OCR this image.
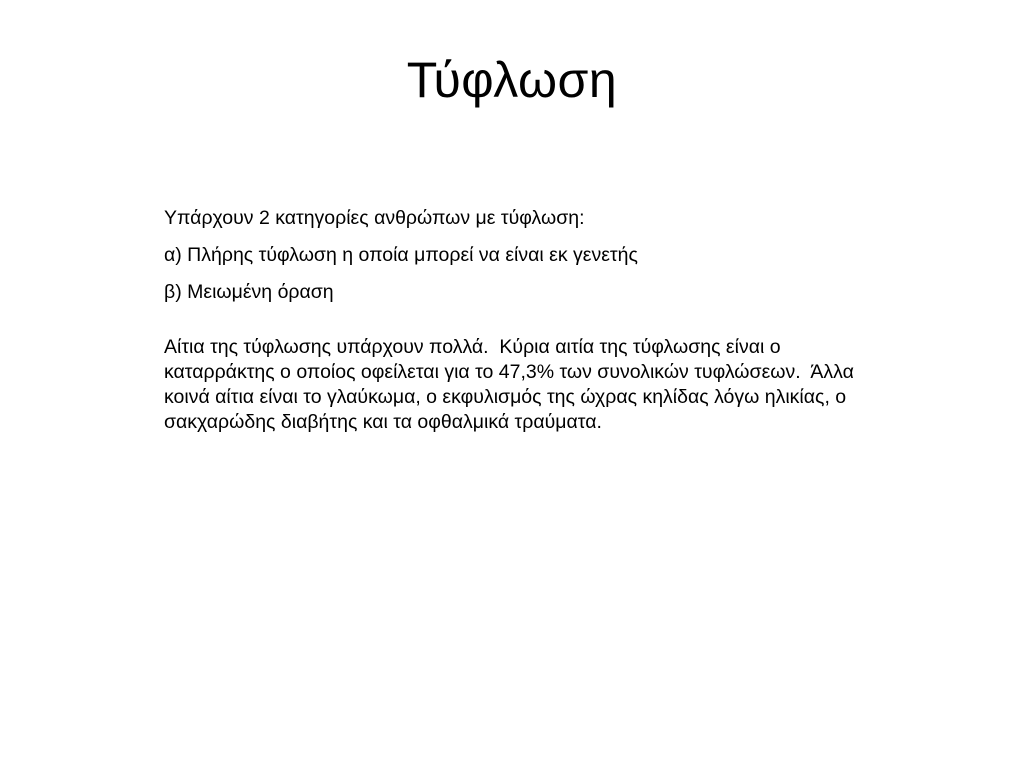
Τύφλωση

Υπάρχουν 2 κατηγορίες ανθρώπων με τύφλωση:

α) Πλήρης τύφλωση η οποία μπορεί να είναι εκ γενετής

β) Μειωμένη όραση

Αίτια της τύφλωσης υπάρχουν πολλά.  Κύρια αιτία της τύφλωσης είναι ο καταρράκτης ο οποίος οφείλεται για το 47,3% των συνολικών τυφλώσεων.  Άλλα κοινά αίτια είναι το γλαύκωμα, ο εκφυλισμός της ώχρας κηλίδας λόγω ηλικίας, ο σακχαρώδης διαβήτης και τα οφθαλμικά τραύματα.
